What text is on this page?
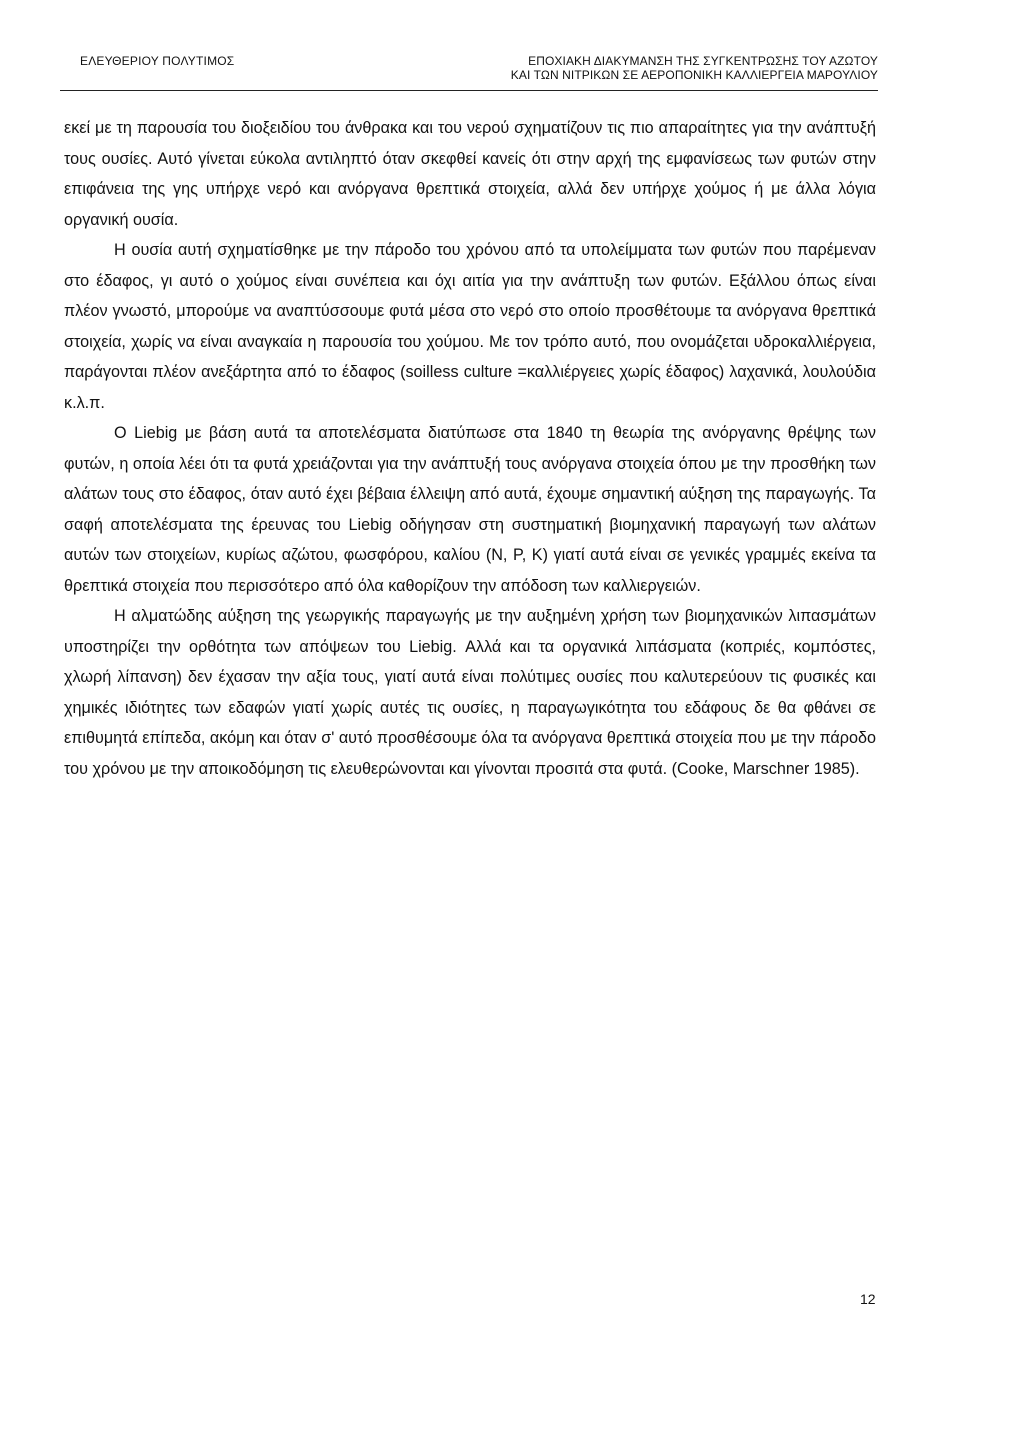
ΕΛΕΥΘΕΡΙΟΥ ΠΟΛΥΤΙΜΟΣ	ΕΠΟΧΙΑΚΗ ΔΙΑΚΥΜΑΝΣΗ ΤΗΣ ΣΥΓΚΕΝΤΡΩΣΗΣ ΤΟΥ ΑΖΩΤΟΥ
ΚΑΙ ΤΩΝ ΝΙΤΡΙΚΩΝ ΣΕ ΑΕΡΟΠΟΝΙΚΗ ΚΑΛΛΙΕΡΓΕΙΑ ΜΑΡΟΥΛΙΟΥ

εκεί με τη παρουσία του διοξειδίου του άνθρακα και του νερού σχηματίζουν τις πιο απαραίτητες για την ανάπτυξή τους ουσίες. Αυτό γίνεται εύκολα αντιληπτό όταν σκεφθεί κανείς ότι στην αρχή της εμφανίσεως των φυτών στην επιφάνεια της γης υπήρχε νερό και ανόργανα θρεπτικά στοιχεία, αλλά δεν υπήρχε χούμος ή με άλλα λόγια οργανική ουσία.

Η ουσία αυτή σχηματίσθηκε με την πάροδο του χρόνου από τα υπολείμματα των φυτών που παρέμεναν στο έδαφος, γι αυτό ο χούμος είναι συνέπεια και όχι αιτία για την ανάπτυξη των φυτών. Εξάλλου όπως είναι πλέον γνωστό, μπορούμε να αναπτύσσουμε φυτά μέσα στο νερό στο οποίο προσθέτουμε τα ανόργανα θρεπτικά στοιχεία, χωρίς να είναι αναγκαία η παρουσία του χούμου. Με τον τρόπο αυτό, που ονομάζεται υδροκαλλιέργεια, παράγονται πλέον ανεξάρτητα από το έδαφος (soilless culture =καλλιέργειες χωρίς έδαφος) λαχανικά, λουλούδια κ.λ.π.

Ο Liebig με βάση αυτά τα αποτελέσματα διατύπωσε στα 1840 τη θεωρία της ανόργανης θρέψης των φυτών, η οποία λέει ότι τα φυτά χρειάζονται για την ανάπτυξή τους ανόργανα στοιχεία όπου με την προσθήκη των αλάτων τους στο έδαφος, όταν αυτό έχει βέβαια έλλειψη από αυτά, έχουμε σημαντική αύξηση της παραγωγής. Τα σαφή αποτελέσματα της έρευνας του Liebig οδήγησαν στη συστηματική βιομηχανική παραγωγή των αλάτων αυτών των στοιχείων, κυρίως αζώτου, φωσφόρου, καλίου (N, P, K) γιατί αυτά είναι σε γενικές γραμμές εκείνα τα θρεπτικά στοιχεία που περισσότερο από όλα καθορίζουν την απόδοση των καλλιεργειών.

Η αλματώδης αύξηση της γεωργικής παραγωγής με την αυξημένη χρήση των βιομηχανικών λιπασμάτων υποστηρίζει την ορθότητα των απόψεων του Liebig. Αλλά και τα οργανικά λιπάσματα (κοπριές, κομπόστες, χλωρή λίπανση) δεν έχασαν την αξία τους, γιατί αυτά είναι πολύτιμες ουσίες που καλυτερεύουν τις φυσικές και χημικές ιδιότητες των εδαφών γιατί χωρίς αυτές τις ουσίες, η παραγωγικότητα του εδάφους δε θα φθάνει σε επιθυμητά επίπεδα, ακόμη και όταν σ' αυτό προσθέσουμε όλα τα ανόργανα θρεπτικά στοιχεία που με την πάροδο του χρόνου με την αποικοδόμηση τις ελευθερώνονται και γίνονται προσιτά στα φυτά. (Cooke, Marschner 1985).

12
